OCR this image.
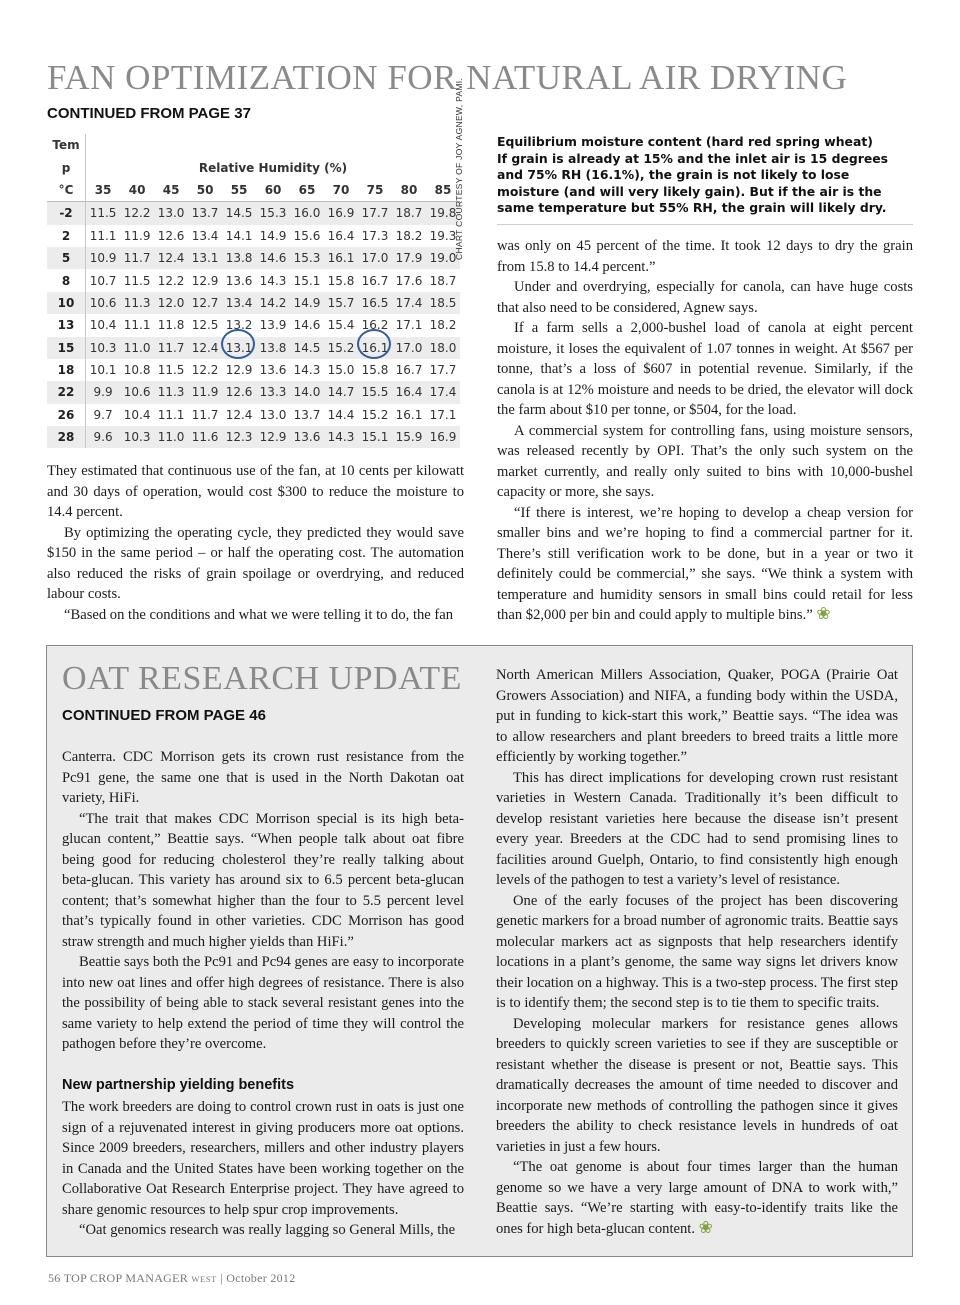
FAN OPTIMIZATION FOR NATURAL AIR DRYING
CONTINUED FROM PAGE 37
Tem											
p	Relative Humidity (%)										
°C	35	40	45	50	55	60	65	70	75	80	85
-2	11.5	12.2	13.0	13.7	14.5	15.3	16.0	16.9	17.7	18.7	19.8
2	11.1	11.9	12.6	13.4	14.1	14.9	15.6	16.4	17.3	18.2	19.3
5	10.9	11.7	12.4	13.1	13.8	14.6	15.3	16.1	17.0	17.9	19.0
8	10.7	11.5	12.2	12.9	13.6	14.3	15.1	15.8	16.7	17.6	18.7
10	10.6	11.3	12.0	12.7	13.4	14.2	14.9	15.7	16.5	17.4	18.5
13	10.4	11.1	11.8	12.5	13.2	13.9	14.6	15.4	16.2	17.1	18.2
15	10.3	11.0	11.7	12.4	13.1	13.8	14.5	15.2	16.1	17.0	18.0
18	10.1	10.8	11.5	12.2	12.9	13.6	14.3	15.0	15.8	16.7	17.7
22	9.9	10.6	11.3	11.9	12.6	13.3	14.0	14.7	15.5	16.4	17.4
26	9.7	10.4	11.1	11.7	12.4	13.0	13.7	14.4	15.2	16.1	17.1
28	9.6	10.3	11.0	11.6	12.3	12.9	13.6	14.3	15.1	15.9	16.9
CHART COURTESY OF JOY AGNEW, PAMI.	Equilibrium moisture content (hard red spring wheat)
If grain is already at 15% and the inlet air is 15 degrees and 75% RH (16.1%), the grain is not likely to lose moisture (and will very likely gain). But if the air is the same temperature but 55% RH, the grain will likely dry.

They estimated that continuous use of the fan, at 10 cents per kilowatt and 30 days of operation, would cost $300 to reduce the moisture to 14.4 percent.

By optimizing the operating cycle, they predicted they would save $150 in the same period – or half the operating cost. The automation also reduced the risks of grain spoilage or overdrying, and reduced labour costs.

“Based on the conditions and what we were telling it to do, the fan

was only on 45 percent of the time. It took 12 days to dry the grain from 15.8 to 14.4 percent.”

Under and overdrying, especially for canola, can have huge costs that also need to be considered, Agnew says.

If a farm sells a 2,000-bushel load of canola at eight percent moisture, it loses the equivalent of 1.07 tonnes in weight. At $567 per tonne, that’s a loss of $607 in potential revenue. Similarly, if the canola is at 12% moisture and needs to be dried, the elevator will dock the farm about $10 per tonne, or $504, for the load.

A commercial system for controlling fans, using moisture sensors, was released recently by OPI. That’s the only such system on the market currently, and really only suited to bins with 10,000-bushel capacity or more, she says.

“If there is interest, we’re hoping to develop a cheap version for smaller bins and we’re hoping to find a commercial partner for it. There’s still verification work to be done, but in a year or two it definitely could be commercial,” she says. “We think a system with temperature and humidity sensors in small bins could retail for less than $2,000 per bin and could apply to multiple bins.” ❀

OAT RESEARCH UPDATE
CONTINUED FROM PAGE 46

Canterra. CDC Morrison gets its crown rust resistance from the Pc91 gene, the same one that is used in the North Dakotan oat variety, HiFi.

“The trait that makes CDC Morrison special is its high beta-glucan content,” Beattie says. “When people talk about oat fibre being good for reducing cholesterol they’re really talking about beta-glucan. This variety has around six to 6.5 percent beta-glucan content; that’s somewhat higher than the four to 5.5 percent level that’s typically found in other varieties. CDC Morrison has good straw strength and much higher yields than HiFi.”

Beattie says both the Pc91 and Pc94 genes are easy to incorporate into new oat lines and offer high degrees of resistance. There is also the possibility of being able to stack several resistant genes into the same variety to help extend the period of time they will control the pathogen before they’re overcome.

New partnership yielding benefits

The work breeders are doing to control crown rust in oats is just one sign of a rejuvenated interest in giving producers more oat options. Since 2009 breeders, researchers, millers and other industry players in Canada and the United States have been working together on the Collaborative Oat Research Enterprise project. They have agreed to share genomic resources to help spur crop improvements.

“Oat genomics research was really lagging so General Mills, the

North American Millers Association, Quaker, POGA (Prairie Oat Growers Association) and NIFA, a funding body within the USDA, put in funding to kick-start this work,” Beattie says. “The idea was to allow researchers and plant breeders to breed traits a little more efficiently by working together.”

This has direct implications for developing crown rust resistant varieties in Western Canada. Traditionally it’s been difficult to develop resistant varieties here because the disease isn’t present every year. Breeders at the CDC had to send promising lines to facilities around Guelph, Ontario, to find consistently high enough levels of the pathogen to test a variety’s level of resistance.

One of the early focuses of the project has been discovering genetic markers for a broad number of agronomic traits. Beattie says molecular markers act as signposts that help researchers identify locations in a plant’s genome, the same way signs let drivers know their location on a highway. This is a two-step process. The first step is to identify them; the second step is to tie them to specific traits.

Developing molecular markers for resistance genes allows breeders to quickly screen varieties to see if they are susceptible or resistant whether the disease is present or not, Beattie says. This dramatically decreases the amount of time needed to discover and incorporate new methods of controlling the pathogen since it gives breeders the ability to check resistance levels in hundreds of oat varieties in just a few hours.

“The oat genome is about four times larger than the human genome so we have a very large amount of DNA to work with,” Beattie says. “We’re starting with easy-to-identify traits like the ones for high beta-glucan content. ❀

56 TOP CROP MANAGER WEST | October 2012
